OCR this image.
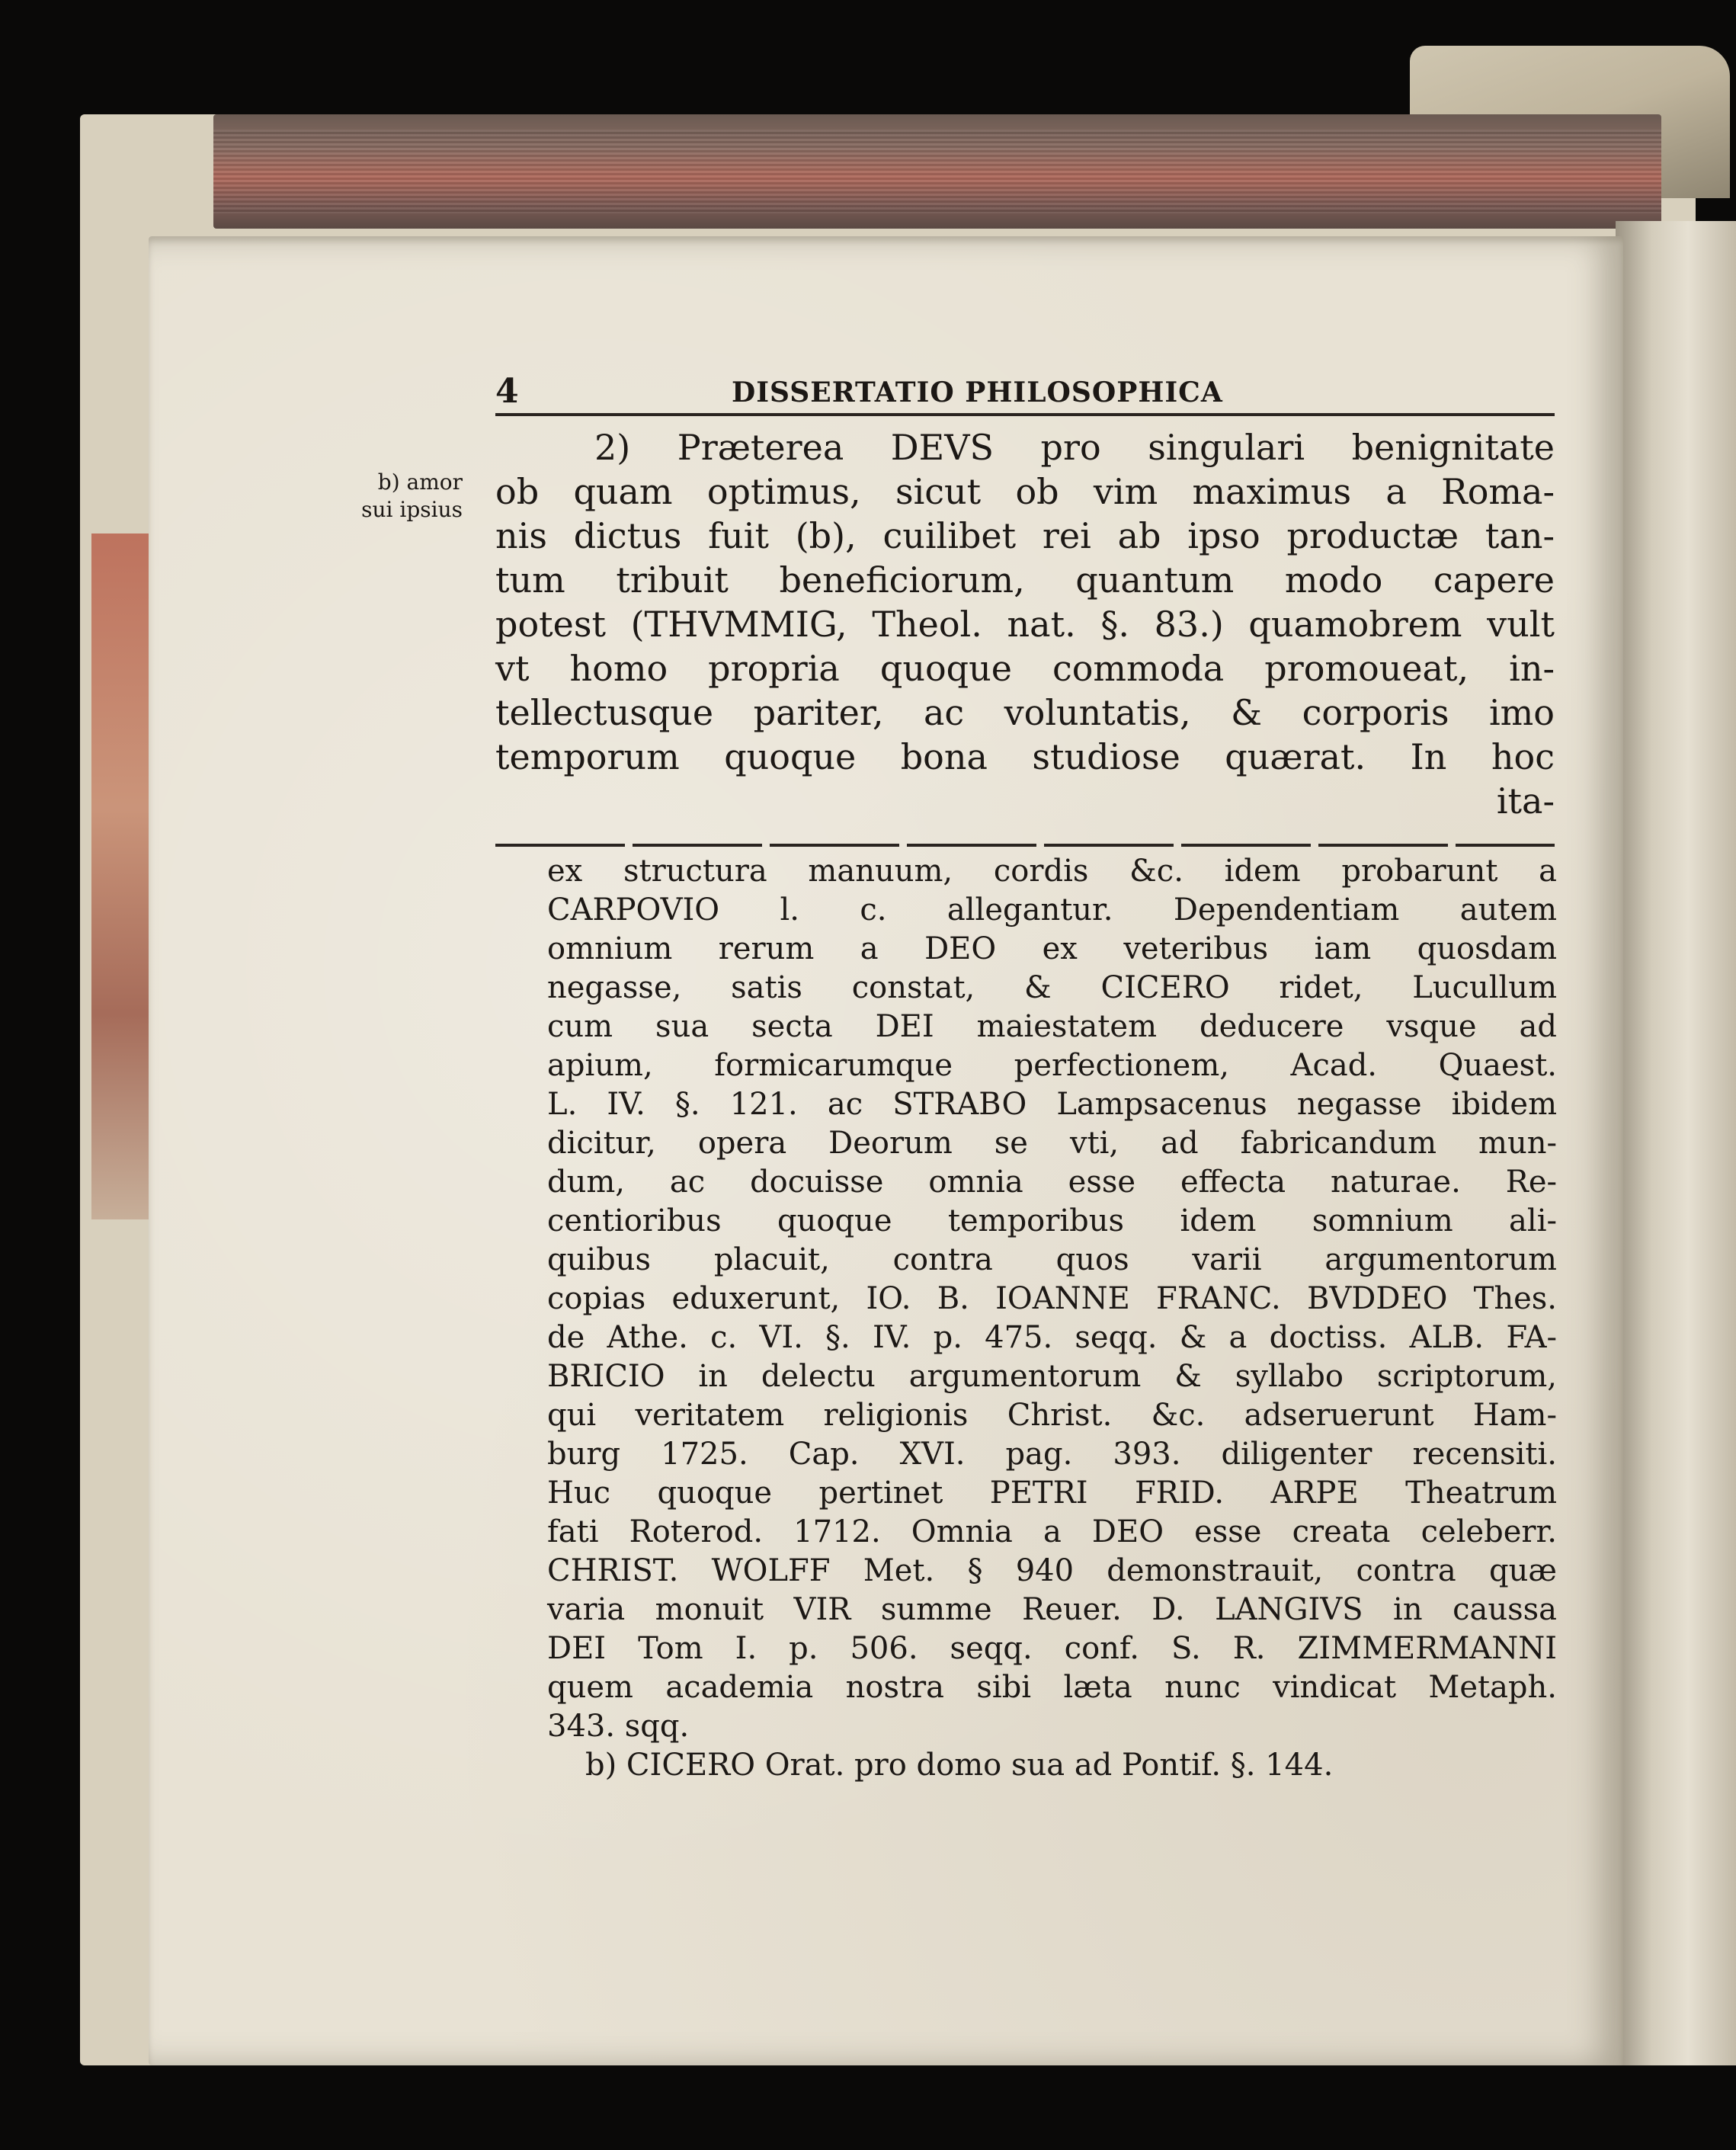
4	DISSERTATIO PHILOSOPHICA
b) amor
sui ipsius
2) Præterea DEVS pro singulari benignitate
ob quam optimus, sicut ob vim maximus a Roma-
nis dictus fuit (b), cuilibet rei ab ipso productæ tan-
tum tribuit beneficiorum, quantum modo capere
potest (THVMMIG, Theol. nat. §. 83.) quamobrem vult
vt homo propria quoque commoda promoueat, in-
tellectusque pariter, ac voluntatis, & corporis imo
temporum quoque bona studiose quærat. In hoc
ita-
ex structura manuum, cordis &c. idem probarunt a
CARPOVIO l. c. allegantur. Dependentiam autem
omnium rerum a DEO ex veteribus iam quosdam
negasse, satis constat, & CICERO ridet, Lucullum
cum sua secta DEI maiestatem deducere vsque ad
apium, formicarumque perfectionem, Acad. Quaest.
L. IV. §. 121. ac STRABO Lampsacenus negasse ibidem
dicitur, opera Deorum se vti, ad fabricandum mun-
dum, ac docuisse omnia esse effecta naturae. Re-
centioribus quoque temporibus idem somnium ali-
quibus placuit, contra quos varii argumentorum
copias eduxerunt, IO. B. IOANNE FRANC. BVDDEO Thes.
de Athe. c. VI. §. IV. p. 475. seqq. & a doctiss. ALB. FA-
BRICIO in delectu argumentorum & syllabo scriptorum,
qui veritatem religionis Christ. &c. adseruerunt Ham-
burg 1725. Cap. XVI. pag. 393. diligenter recensiti.
Huc quoque pertinet PETRI FRID. ARPE Theatrum
fati Roterod. 1712. Omnia a DEO esse creata celeberr.
CHRIST. WOLFF Met. § 940 demonstrauit, contra quæ
varia monuit VIR summe Reuer. D. LANGIVS in caussa
DEI Tom I. p. 506. seqq. conf. S. R. ZIMMERMANNI
quem academia nostra sibi læta nunc vindicat Metaph.
343. sqq.
b) CICERO Orat. pro domo sua ad Pontif. §. 144.
